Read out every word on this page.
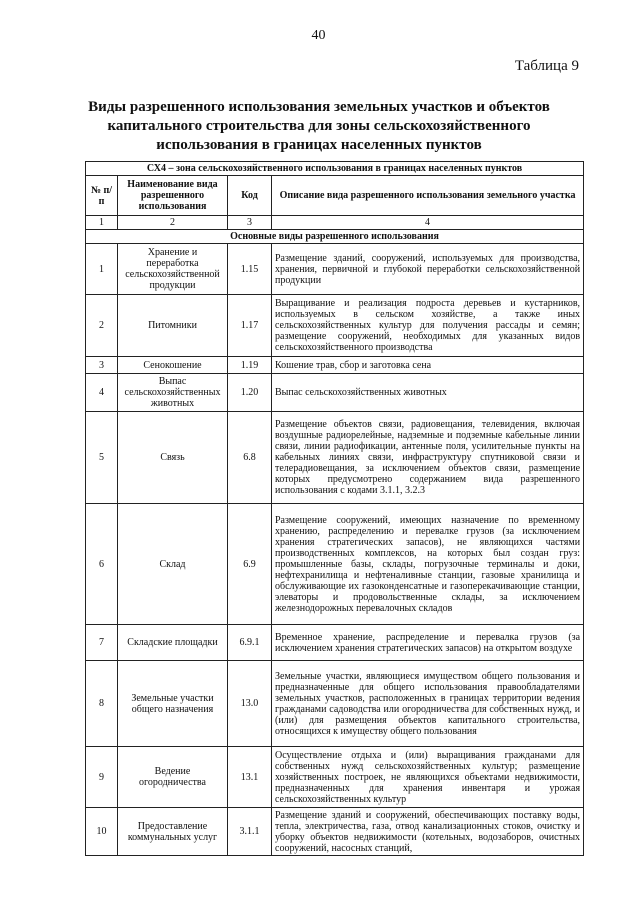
40
Таблица 9
Виды разрешенного использования земельных участков и объектов
капитального строительства для зоны сельскохозяйственного
использования в границах населенных пунктов
СХ4 – зона сельскохозяйственного использования в границах населенных пунктов			
№ п/п	Наименование вида разрешенного использования	Код	Описание вида разрешенного использования земельного участка
1	2	3	4
Основные виды разрешенного использования			
1	Хранение и переработка сельскохозяйственной продукции	1.15	Размещение зданий, сооружений, используемых для производства, хранения, первичной и глубокой переработки сельскохозяйственной продукции
2	Питомники	1.17	Выращивание и реализация подроста деревьев и кустарников, используемых в сельском хозяйстве, а также иных сельскохозяйственных культур для получения рассады и семян; размещение сооружений, необходимых для указанных видов сельскохозяйственного производства
3	Сенокошение	1.19	Кошение трав, сбор и заготовка сена
4	Выпас сельскохозяйственных животных	1.20	Выпас сельскохозяйственных животных
5	Связь	6.8	Размещение объектов связи, радиовещания, телевидения, включая воздушные радиорелейные, надземные и подземные кабельные линии связи, линии радиофикации, антенные поля, усилительные пункты на кабельных линиях связи, инфраструктуру спутниковой связи и телерадиовещания, за исключением объектов связи, размещение которых предусмотрено содержанием вида разрешенного использования с кодами 3.1.1, 3.2.3
6	Склад	6.9	Размещение сооружений, имеющих назначение по временному хранению, распределению и перевалке грузов (за исключением хранения стратегических запасов), не являющихся частями производственных комплексов, на которых был создан груз: промышленные базы, склады, погрузочные терминалы и доки, нефтехранилища и нефтеналивные станции, газовые хранилища и обслуживающие их газоконденсатные и газоперекачивающие станции, элеваторы и продовольственные склады, за исключением железнодорожных перевалочных складов
7	Складские площадки	6.9.1	Временное хранение, распределение и перевалка грузов (за исключением хранения стратегических запасов) на открытом воздухе
8	Земельные участки общего назначения	13.0	Земельные участки, являющиеся имуществом общего пользования и предназначенные для общего использования правообладателями земельных участков, расположенных в границах территории ведения гражданами садоводства или огородничества для собственных нужд, и (или) для размещения объектов капитального строительства, относящихся к имуществу общего пользования
9	Ведение огородничества	13.1	Осуществление отдыха и (или) выращивания гражданами для собственных нужд сельскохозяйственных культур; размещение хозяйственных построек, не являющихся объектами недвижимости, предназначенных для хранения инвентаря и урожая сельскохозяйственных культур
10	Предоставление коммунальных услуг	3.1.1	Размещение зданий и сооружений, обеспечивающих поставку воды, тепла, электричества, газа, отвод канализационных стоков, очистку и уборку объектов недвижимости (котельных, водозаборов, очистных сооружений, насосных станций,
